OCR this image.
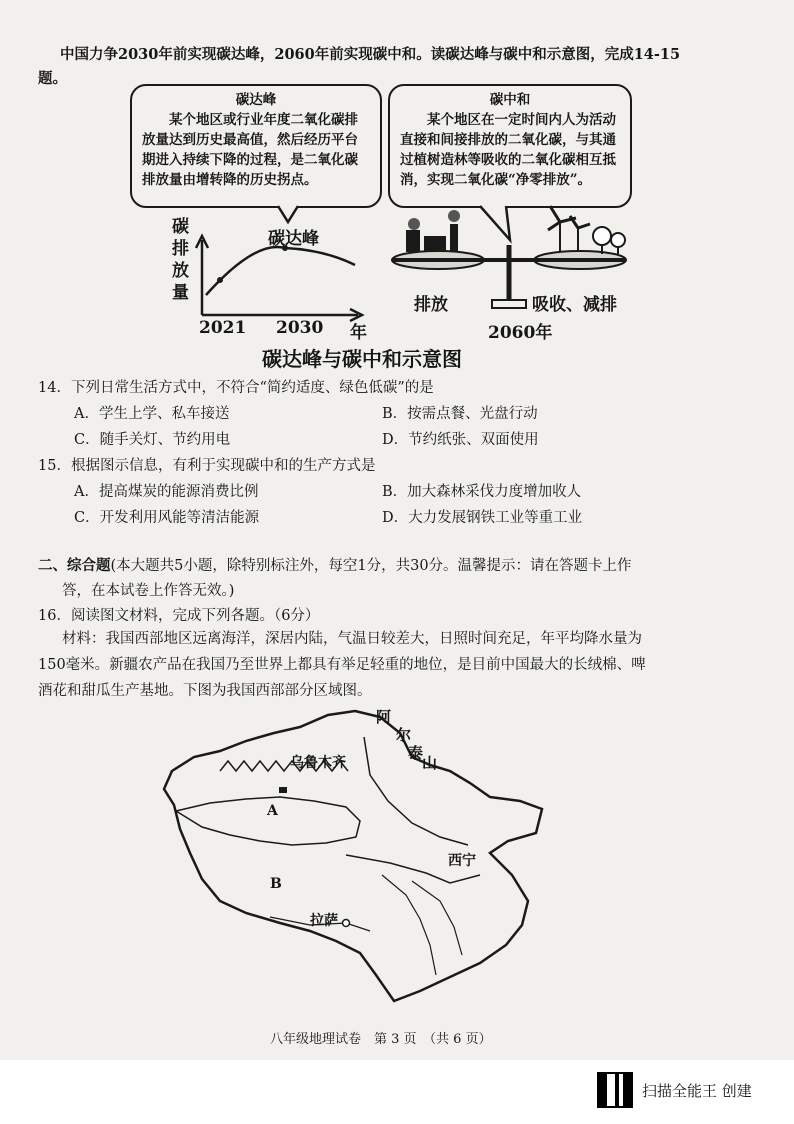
中国力争2030年前实现碳达峰，2060年前实现碳中和。读碳达峰与碳中和示意图，完成14-15
题。
碳达峰
某个地区或行业年度二氧化碳排放量达到历史最高值，然后经历平台期进入持续下降的过程，是二氧化碳排放量由增转降的历史拐点。
碳中和
某个地区在一定时间内人为活动直接和间接排放的二氧化碳，与其通过植树造林等吸收的二氧化碳相互抵消，实现二氧化碳“净零排放”。
碳
排
放
量
碳达峰
2021 2030 年
排放	吸收、减排
2060年
碳达峰与碳中和示意图
14．下列日常生活方式中，不符合“简约适度、绿色低碳”的是
A．学生上学、私车接送	B．按需点餐、光盘行动
C．随手关灯、节约用电	D．节约纸张、双面使用
15．根据图示信息，有利于实现碳中和的生产方式是
A．提高煤炭的能源消费比例	B．加大森林采伐力度增加收人
C．开发利用风能等清洁能源	D．大力发展钢铁工业等重工业
二、综合题(本大题共5小题，除特别标注外，每空1分，共30分。温馨提示：请在答题卡上作
答，在本试卷上作答无效。)
16．阅读图文材料，完成下列各题。（6分）
材料：我国西部地区远离海洋，深居内陆，气温日较差大，日照时间充足，年平均降水量为
150毫米。新疆农产品在我国乃至世界上都具有举足轻重的地位，是目前中国最大的长绒棉、啤
酒花和甜瓜生产基地。下图为我国西部部分区域图。
阿
尔
泰
山
乌鲁木齐
A
B
西宁
拉萨
八年级地理试卷　第 3 页　（共 6 页）
扫描全能王 创建
